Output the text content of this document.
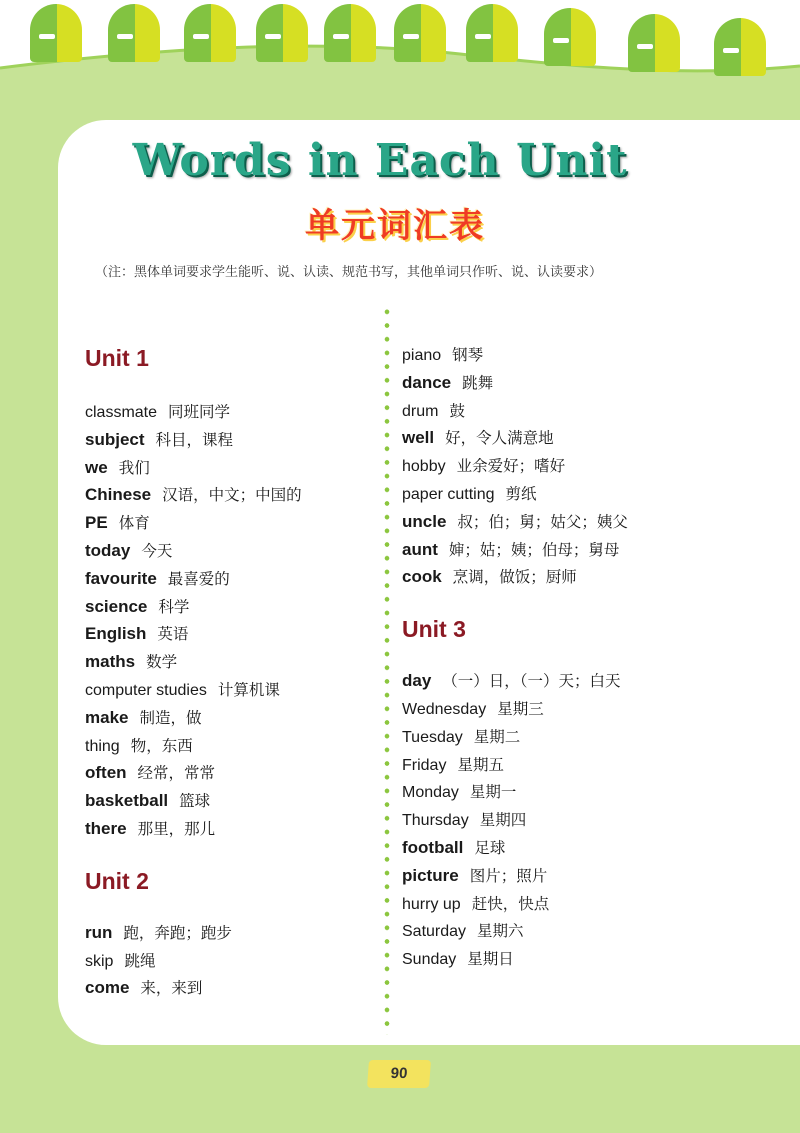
Words in Each Unit
单元词汇表
（注：黑体单词要求学生能听、说、认读、规范书写，其他单词只作听、说、认读要求）
Unit 1
classmate 同班同学
subject 科目，课程
we 我们
Chinese 汉语，中文；中国的
PE 体育
today 今天
favourite 最喜爱的
science 科学
English 英语
maths 数学
computer studies 计算机课
make 制造，做
thing 物，东西
often 经常，常常
basketball 篮球
there 那里，那儿
Unit 2
run 跑，奔跑；跑步
skip 跳绳
come 来，来到
piano 钢琴
dance 跳舞
drum 鼓
well 好，令人满意地
hobby 业余爱好；嗜好
paper cutting 剪纸
uncle 叔；伯；舅；姑父；姨父
aunt 婶；姑；姨；伯母；舅母
cook 烹调，做饭；厨师
Unit 3
day （一）日，（一）天；白天
Wednesday 星期三
Tuesday 星期二
Friday 星期五
Monday 星期一
Thursday 星期四
football 足球
picture 图片；照片
hurry up 赶快，快点
Saturday 星期六
Sunday 星期日
90
